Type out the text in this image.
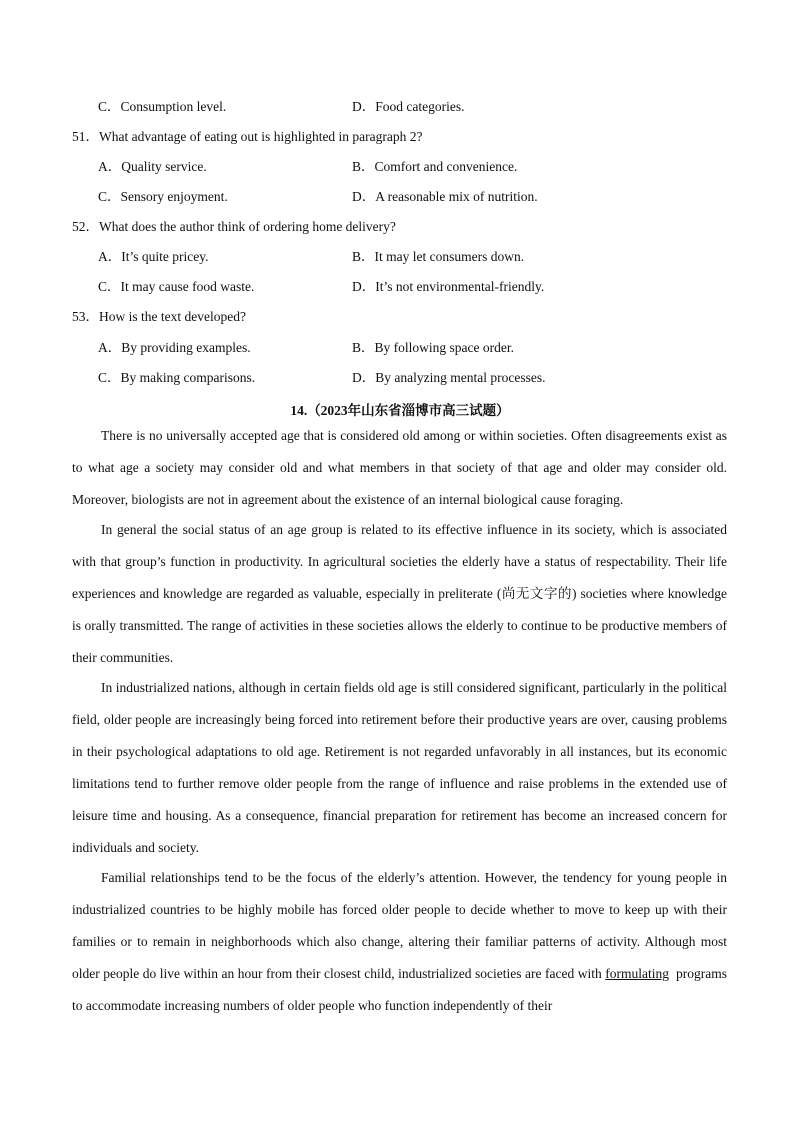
C．Consumption level.	D．Food categories.
51．What advantage of eating out is highlighted in paragraph 2?
A．Quality service.	B．Comfort and convenience.
C．Sensory enjoyment.	D．A reasonable mix of nutrition.
52．What does the author think of ordering home delivery?
A．It’s quite pricey.	B．It may let consumers down.
C．It may cause food waste.	D．It’s not environmental-friendly.
53．How is the text developed?
A．By providing examples.	B．By following space order.
C．By making comparisons.	D．By analyzing mental processes.
14.（2023年山东省淄博市高三试题）

There is no universally accepted age that is considered old among or within societies. Often disagreements exist as to what age a society may consider old and what members in that society of that age and older may consider old. Moreover, biologists are not in agreement about the existence of an internal biological cause foraging.

In general the social status of an age group is related to its effective influence in its society, which is associated with that group’s function in productivity. In agricultural societies the elderly have a status of respectability. Their life experiences and knowledge are regarded as valuable, especially in preliterate (尚无文字的) societies where knowledge is orally transmitted. The range of activities in these societies allows the elderly to continue to be productive members of their communities.

In industrialized nations, although in certain fields old age is still considered significant, particularly in the political field, older people are increasingly being forced into retirement before their productive years are over, causing problems in their psychological adaptations to old age. Retirement is not regarded unfavorably in all instances, but its economic limitations tend to further remove older people from the range of influence and raise problems in the extended use of leisure time and housing. As a consequence, financial preparation for retirement has become an increased concern for individuals and society.

Familial relationships tend to be the focus of the elderly’s attention. However, the tendency for young people in industrialized countries to be highly mobile has forced older people to decide whether to move to keep up with their families or to remain in neighborhoods which also change, altering their familiar patterns of activity. Although most older people do live within an hour from their closest child, industrialized societies are faced with formulating programs to accommodate increasing numbers of older people who function independently of their
